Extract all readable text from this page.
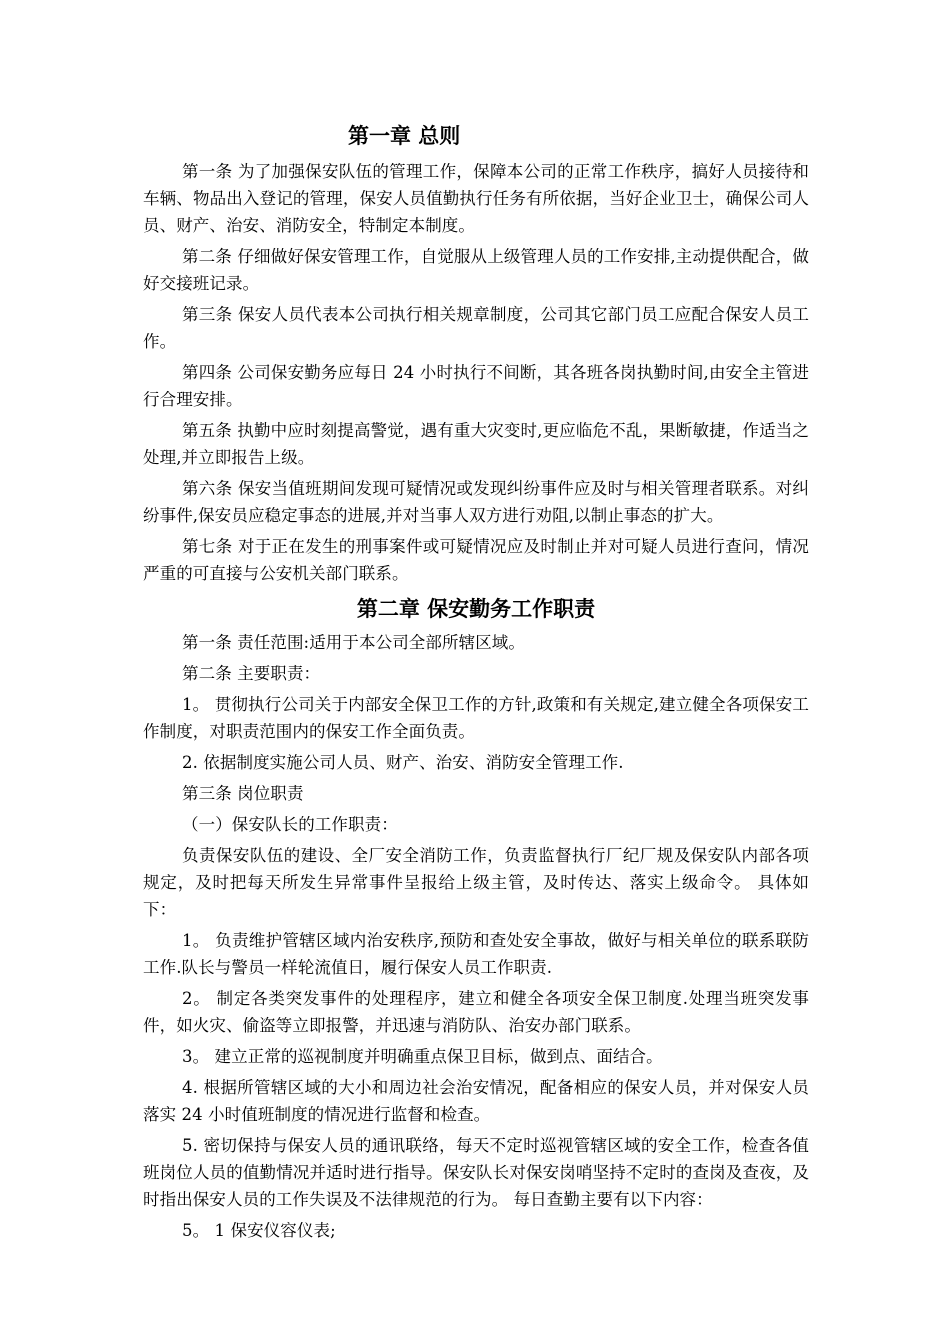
第一章 总则

第一条 为了加强保安队伍的管理工作，保障本公司的正常工作秩序，搞好人员接待和车辆、物品出入登记的管理，保安人员值勤执行任务有所依据，当好企业卫士，确保公司人员、财产、治安、消防安全，特制定本制度。

第二条 仔细做好保安管理工作，自觉服从上级管理人员的工作安排,主动提供配合，做好交接班记录。

第三条 保安人员代表本公司执行相关规章制度，公司其它部门员工应配合保安人员工作。

第四条 公司保安勤务应每日 24 小时执行不间断，其各班各岗执勤时间,由安全主管进行合理安排。

第五条 执勤中应时刻提高警觉，遇有重大灾变时,更应临危不乱，果断敏捷，作适当之处理,并立即报告上级。

第六条 保安当值班期间发现可疑情况或发现纠纷事件应及时与相关管理者联系。对纠纷事件,保安员应稳定事态的进展,并对当事人双方进行劝阻,以制止事态的扩大。

第七条 对于正在发生的刑事案件或可疑情况应及时制止并对可疑人员进行查问，情况严重的可直接与公安机关部门联系。

第二章 保安勤务工作职责

第一条 责任范围:适用于本公司全部所辖区域。

第二条 主要职责：

1。 贯彻执行公司关于内部安全保卫工作的方针,政策和有关规定,建立健全各项保安工作制度，对职责范围内的保安工作全面负责。

2. 依据制度实施公司人员、财产、治安、消防安全管理工作.

第三条 岗位职责

（一）保安队长的工作职责：

负责保安队伍的建设、全厂安全消防工作，负责监督执行厂纪厂规及保安队内部各项规定，及时把每天所发生异常事件呈报给上级主管，及时传达、落实上级命令。 具体如下：

1。 负责维护管辖区域内治安秩序,预防和查处安全事故，做好与相关单位的联系联防工作.队长与警员一样轮流值日，履行保安人员工作职责.

2。 制定各类突发事件的处理程序，建立和健全各项安全保卫制度.处理当班突发事件，如火灾、偷盗等立即报警，并迅速与消防队、治安办部门联系。

3。 建立正常的巡视制度并明确重点保卫目标，做到点、面结合。

4. 根据所管辖区域的大小和周边社会治安情况，配备相应的保安人员，并对保安人员落实 24 小时值班制度的情况进行监督和检查。

5. 密切保持与保安人员的通讯联络，每天不定时巡视管辖区域的安全工作，检查各值班岗位人员的值勤情况并适时进行指导。保安队长对保安岗哨坚持不定时的查岗及查夜，及时指出保安人员的工作失误及不法律规范的行为。 每日查勤主要有以下内容：

5。 1 保安仪容仪表;
